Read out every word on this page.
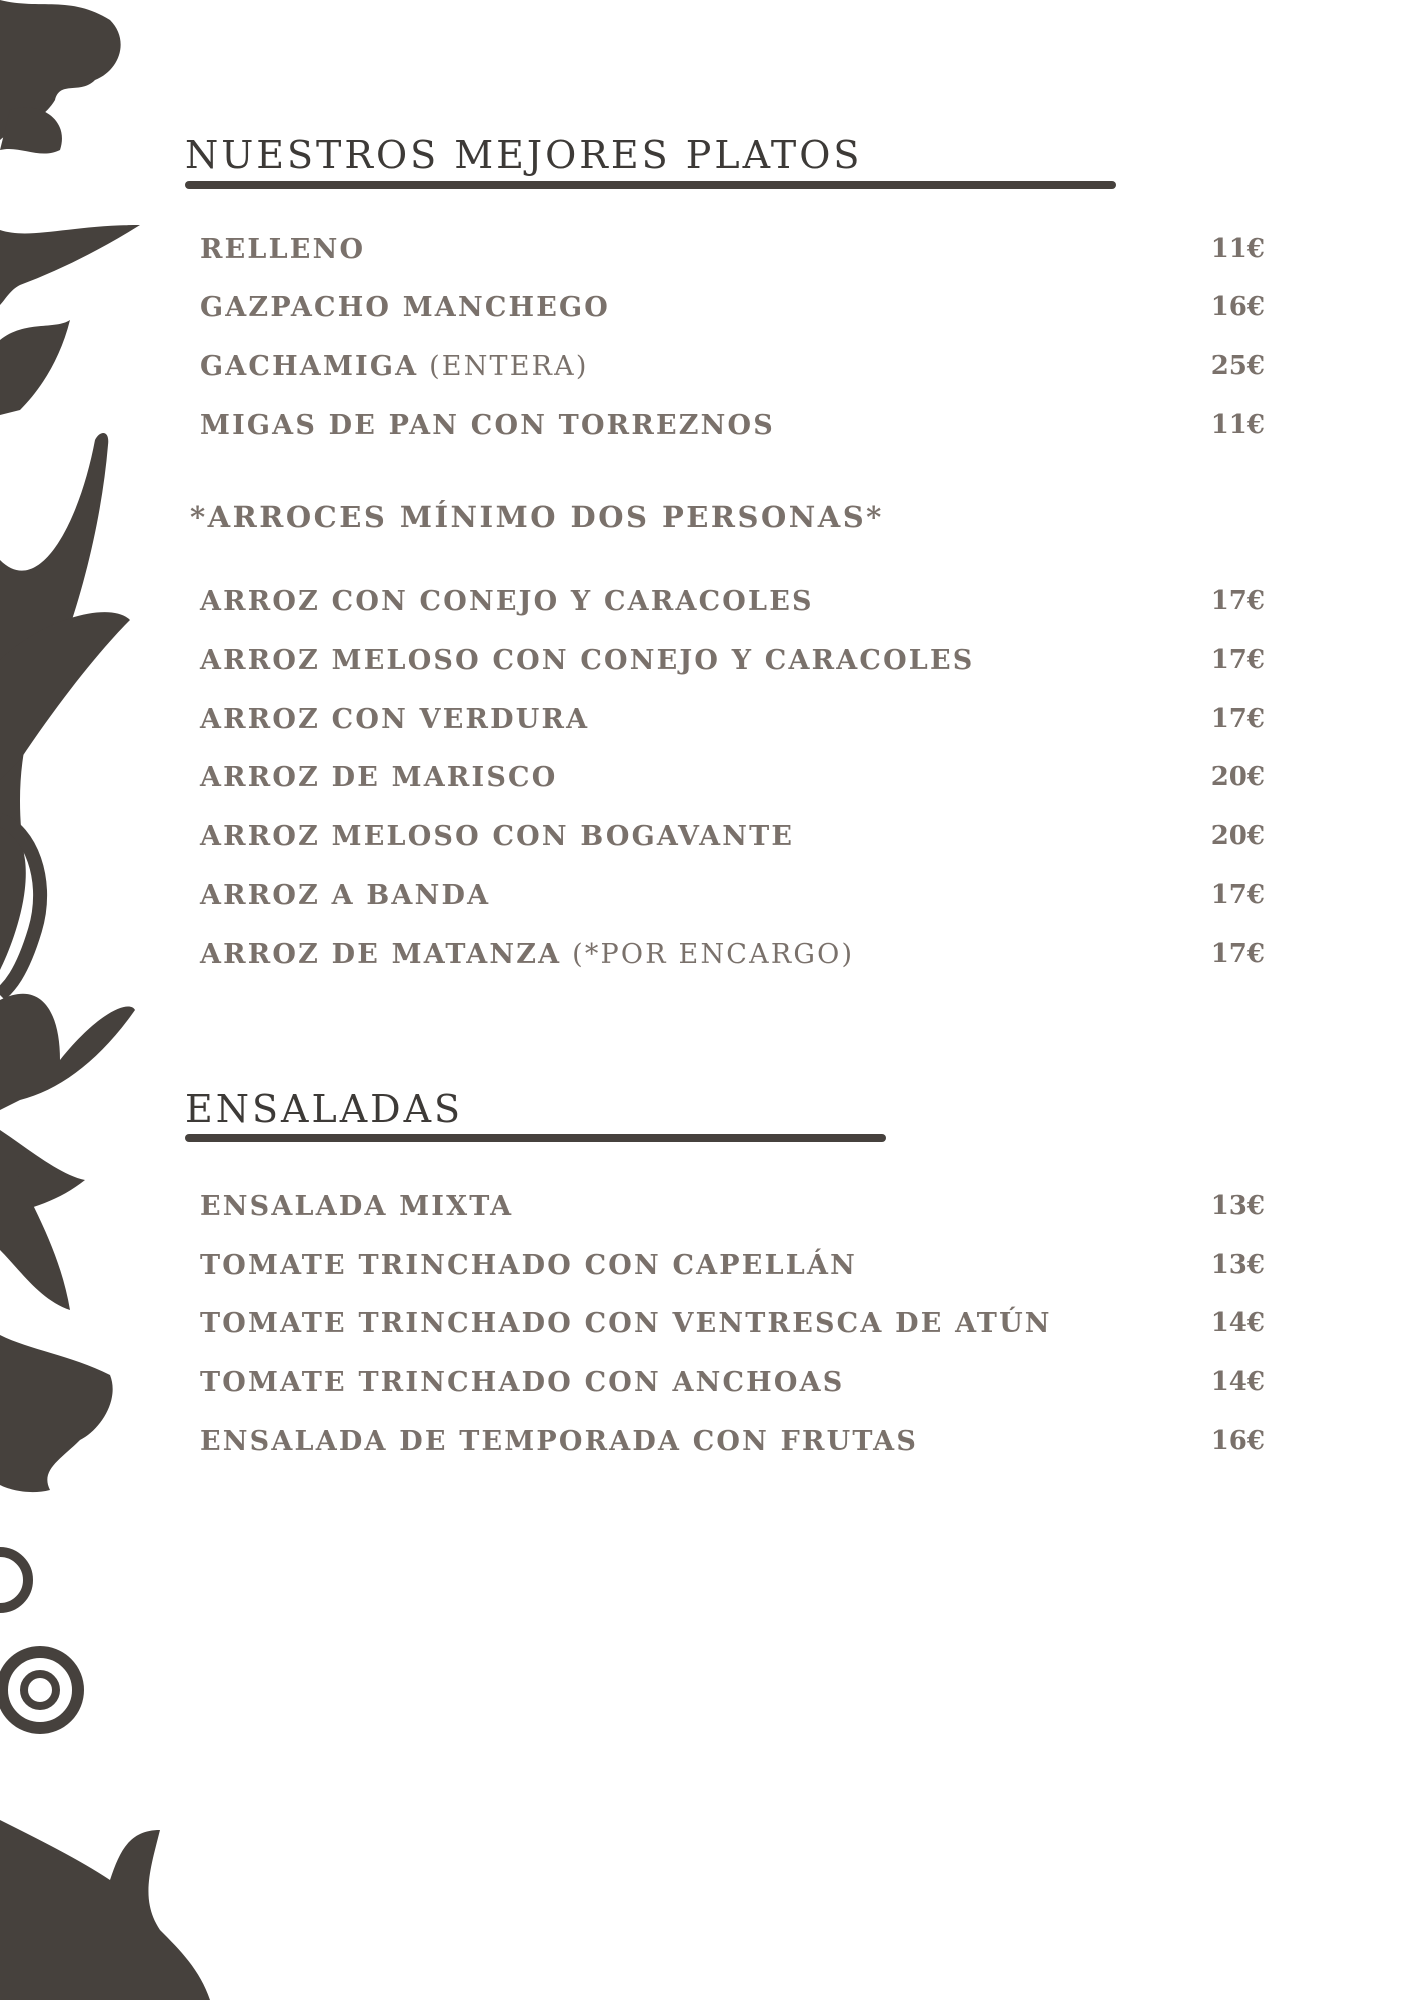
NUESTROS MEJORES PLATOS
RELLENO	11€
GAZPACHO MANCHEGO	16€
GACHAMIGA (ENTERA)	25€
MIGAS DE PAN CON TORREZNOS	11€
*ARROCES MÍNIMO DOS PERSONAS*
ARROZ CON CONEJO Y CARACOLES	17€
ARROZ MELOSO CON CONEJO Y CARACOLES	17€
ARROZ CON VERDURA	17€
ARROZ DE MARISCO	20€
ARROZ MELOSO CON BOGAVANTE	20€
ARROZ A BANDA	17€
ARROZ DE MATANZA (*POR ENCARGO)	17€
ENSALADAS
ENSALADA MIXTA	13€
TOMATE TRINCHADO CON CAPELLÁN	13€
TOMATE TRINCHADO CON VENTRESCA DE ATÚN	14€
TOMATE TRINCHADO CON ANCHOAS	14€
ENSALADA DE TEMPORADA CON FRUTAS	16€
